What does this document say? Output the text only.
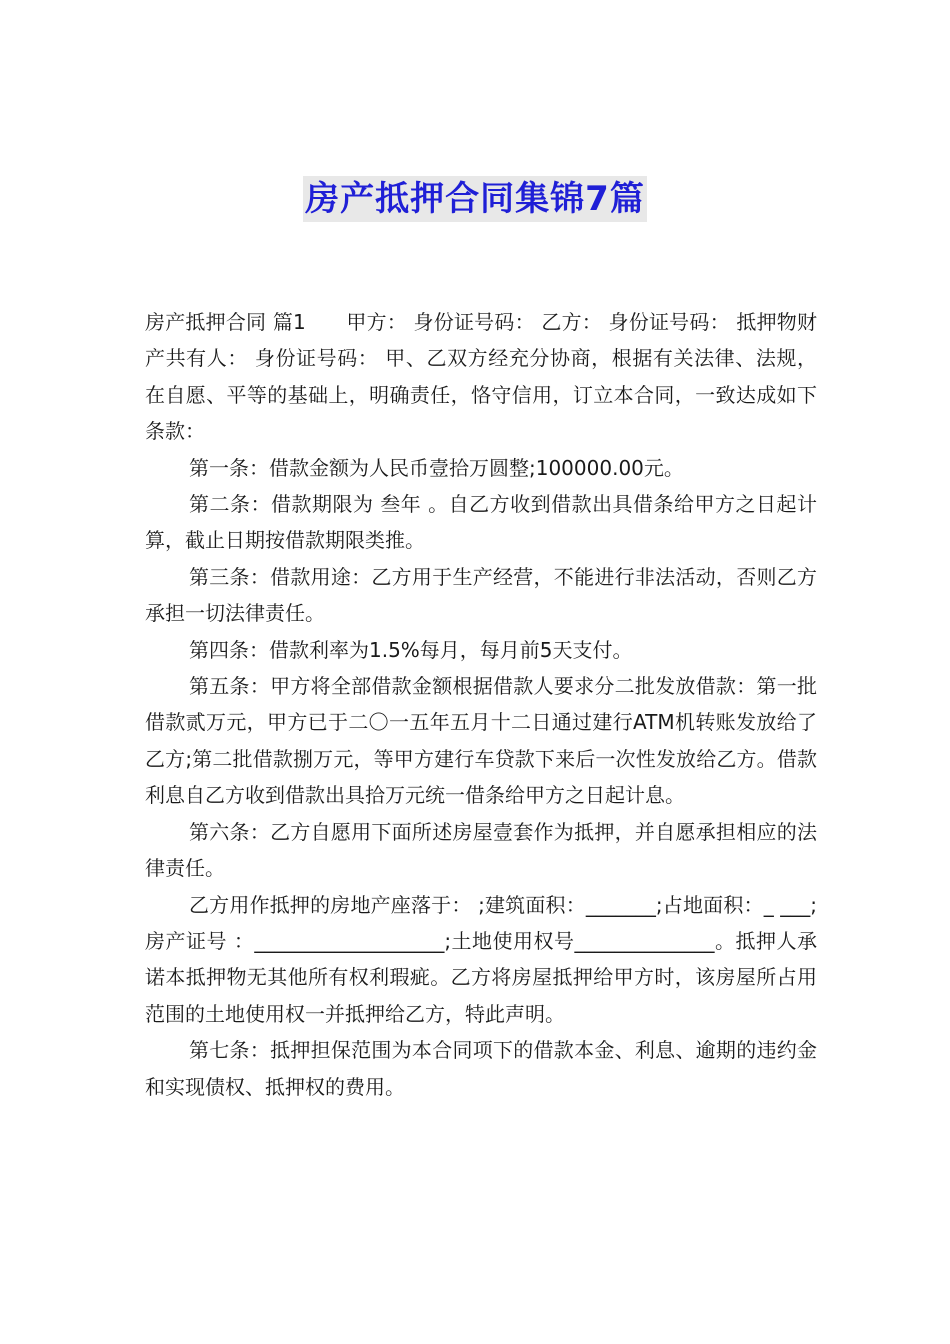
房产抵押合同集锦7篇

房产抵押合同 篇1　　甲方： 身份证号码： 乙方： 身份证号码： 抵押物财产共有人： 身份证号码： 甲、乙双方经充分协商，根据有关法律、法规，在自愿、平等的基础上，明确责任，恪守信用，订立本合同，一致达成如下条款：

第一条：借款金额为人民币壹拾万圆整;100000.00元。

第二条：借款期限为 叁年 。自乙方收到借款出具借条给甲方之日起计算，截止日期按借款期限类推。

第三条：借款用途：乙方用于生产经营，不能进行非法活动，否则乙方承担一切法律责任。

第四条：借款利率为1.5%每月，每月前5天支付。

第五条：甲方将全部借款金额根据借款人要求分二批发放借款：第一批借款贰万元，甲方已于二〇一五年五月十二日通过建行ATM机转账发放给了乙方;第二批借款捌万元，等甲方建行车贷款下来后一次性发放给乙方。借款利息自乙方收到借款出具拾万元统一借条给甲方之日起计息。

第六条：乙方自愿用下面所述房屋壹套作为抵押，并自愿承担相应的法律责任。

乙方用作抵押的房地产座落于： ;建筑面积：_______;占地面积：_ ___;房产证号 ：___________________;土地使用权号______________。抵押人承诺本抵押物无其他所有权利瑕疵。乙方将房屋抵押给甲方时，该房屋所占用范围的土地使用权一并抵押给乙方，特此声明。

第七条：抵押担保范围为本合同项下的借款本金、利息、逾期的违约金和实现债权、抵押权的费用。
